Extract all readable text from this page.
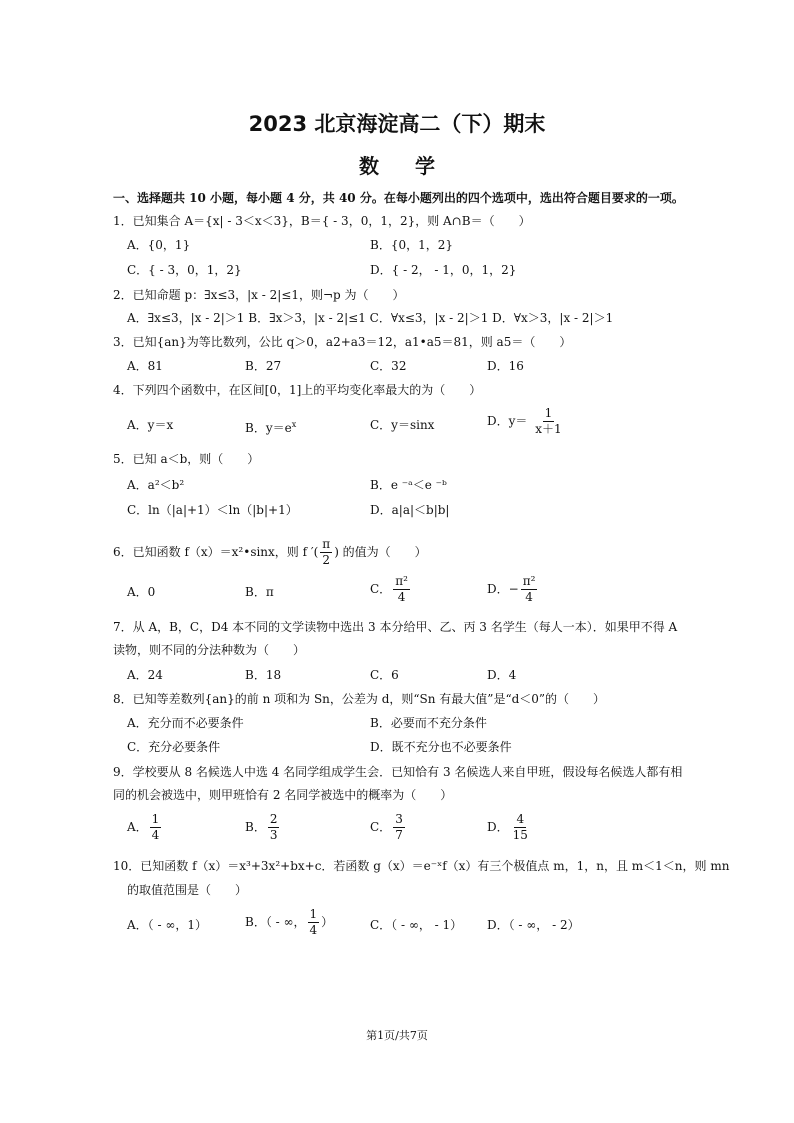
2023 北京海淀高二（下）期末
数学
一、选择题共 10 小题，每小题 4 分，共 40 分。在每小题列出的四个选项中，选出符合题目要求的一项。
1．已知集合 A＝{x| - 3＜x＜3}，B＝{ - 3，0，1，2}，则 A∩B＝（　　）
A．{0，1}	B．{0，1，2}
C．{ - 3，0，1，2}	D．{ - 2， - 1，0，1，2}
2．已知命题 p：∃x≤3，|x - 2|≤1，则¬p 为（　　）
A．∃x≤3，|x - 2|＞1 B．∃x＞3，|x - 2|≤1 C．∀x≤3，|x - 2|＞1 D．∀x＞3，|x - 2|＞1
3．已知{an}为等比数列，公比 q＞0，a2+a3＝12，a1•a5＝81，则 a5＝（　　）
A．81	B．27	C．32	D．16
4．下列四个函数中，在区间[0，1]上的平均变化率最大的为（　　）
A．y＝x	B．$y=e^x$	C．y＝sinx	D．$y= \frac{1}{x+1}$
5．已知 a＜b，则（　　）
A．a²＜b²	B．e ⁻ᵃ＜e ⁻ᵇ
C．ln（|a|+1）＜ln（|b|+1）	D．a|a|＜b|b|
6．已知函数 f（x）＝x²•sinx，则 f ′( $\frac{\pi}{2}$ ) 的值为（　　）
A．0	B．π	C． $\frac{\text{π²}}{4}$	D．− $\frac{\text{π²}}{4}$
7．从 A，B，C，D4 本不同的文学读物中选出 3 本分给甲、乙、丙 3 名学生（每人一本）．如果甲不得 A
读物，则不同的分法种数为（　　）
A．24	B．18	C．6	D．4
8．已知等差数列{an}的前 n 项和为 Sn，公差为 d，则“Sn 有最大值”是“d＜0”的（　　）
A．充分而不必要条件	B．必要而不充分条件
C．充分必要条件	D．既不充分也不必要条件
9．学校要从 8 名候选人中选 4 名同学组成学生会．已知恰有 3 名候选人来自甲班，假设每名候选人都有相
同的机会被选中，则甲班恰有 2 名同学被选中的概率为（　　）
A． $\frac{1}{4}$	B． $\frac{2}{3}$	C． $\frac{3}{7}$	D． $\frac{4}{15}$
10．已知函数 f（x）＝x³+3x²+bx+c．若函数 g（x）＝e⁻ˣf（x）有三个极值点 m，1，n，且 m＜1＜n，则 mn
的取值范围是（　　）
A．（ - ∞，1）	B．（ - ∞， $\frac{1}{4}$ ）	C．（ - ∞， - 1） D．（ - ∞， - 2）
第1页/共7页
